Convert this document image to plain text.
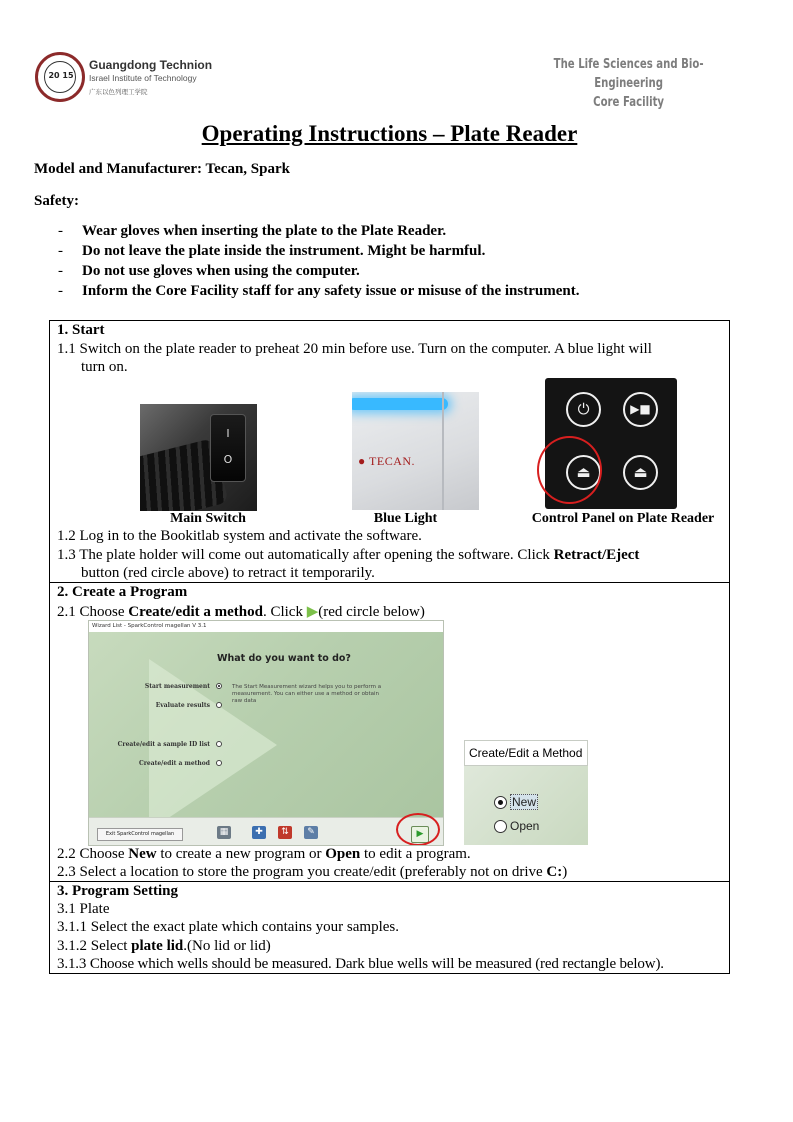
20 15
Guangdong Technion
Israel Institute of Technology
广东以色列理工学院
The Life Sciences and Bio-Engineering
Core Facility
Operating Instructions – Plate Reader
Model and Manufacturer: Tecan, Spark
Safety:
- Wear gloves when inserting the plate to the Plate Reader.
- Do not leave the plate inside the instrument. Might be harmful.
- Do not use gloves when using the computer.
- Inform the Core Facility staff for any safety issue or misuse of the instrument.
1. Start
1.1 Switch on the plate reader to preheat 20 min before use. Turn on the computer. A blue light will
turn on.
I
O	● TECAN.
⏻	▶■
⏏	⏏
Main Switch	Blue Light	Control Panel on Plate Reader
1.2 Log in to the Bookitlab system and activate the software.
1.3 The plate holder will come out automatically after opening the software. Click Retract/Eject
button (red circle above) to retract it temporarily.
2. Create a Program
2.1 Choose Create/edit a method. Click ▶(red circle below)
Wizard List - SparkControl magellan V 3.1
What do you want to do?
Start measurement
Evaluate results
Create/edit a sample ID list
Create/edit a method
The Start Measurement wizard helps you to perform a measurement. You can either use a method or obtain raw data
Exit SparkControl magellan	▦	✚	⇅	✎	▶
Create/Edit a Method
New
Open
2.2 Choose New to create a new program or Open to edit a program.
2.3 Select a location to store the program you create/edit (preferably not on drive C:)
3. Program Setting
3.1 Plate
3.1.1 Select the exact plate which contains your samples.
3.1.2 Select plate lid.(No lid or lid)
3.1.3 Choose which wells should be measured. Dark blue wells will be measured (red rectangle below).
